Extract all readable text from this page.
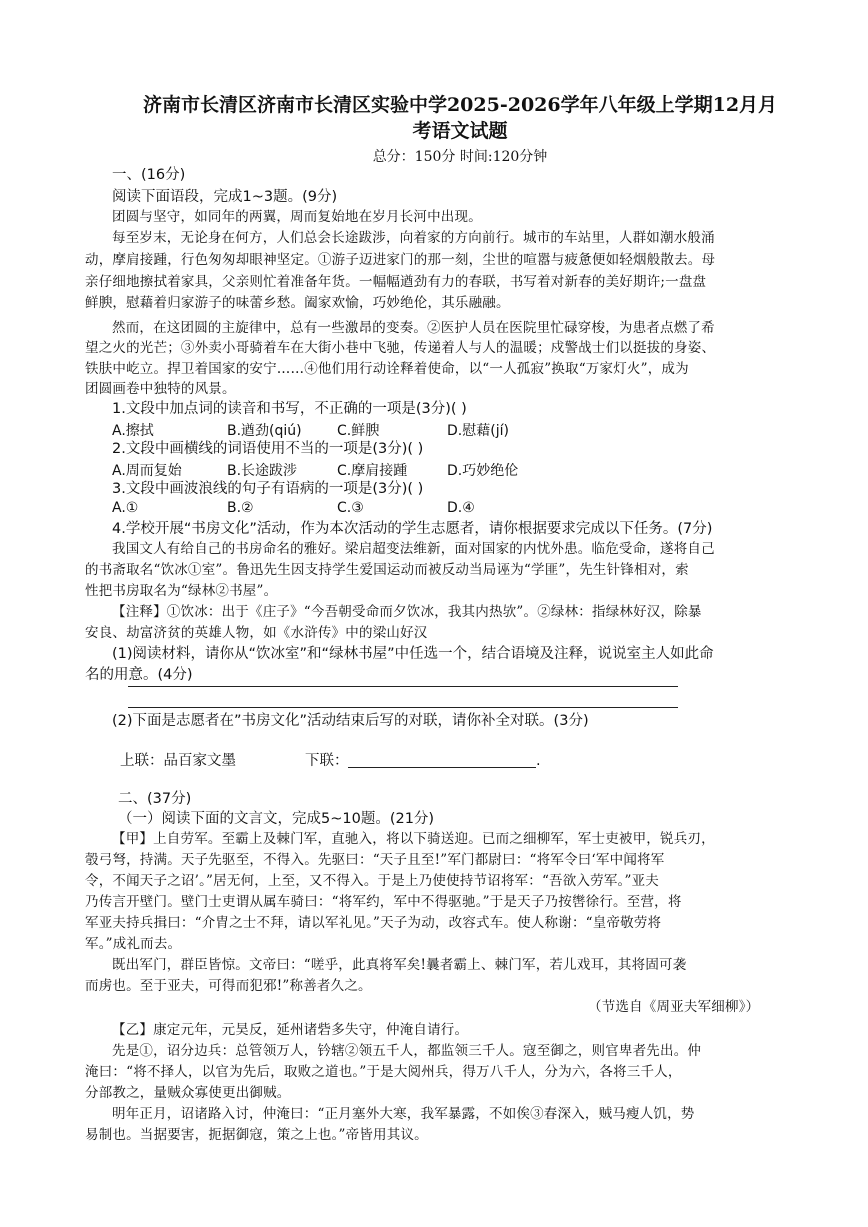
济南市长清区济南市长清区实验中学2025-2026学年八年级上学期12月月
考语文试题
总分：150分 时间:120分钟
一、(16分)
阅读下面语段，完成1~3题。(9分)
团圆与坚守，如同年的两翼，周而复始地在岁月长河中出现。
每至岁末，无论身在何方，人们总会长途跋涉，向着家的方向前行。城市的车站里，人群如潮水般涌
动，摩肩接踵，行色匆匆却眼神坚定。①游子迈进家门的那一刻，尘世的喧嚣与疲惫便如轻烟般散去。母
亲仔细地擦拭着家具，父亲则忙着准备年货。一幅幅遒劲有力的春联，书写着对新春的美好期许;一盘盘
鲜腴，慰藉着归家游子的味蕾乡愁。阖家欢愉，巧妙绝伦，其乐融融。
然而，在这团圆的主旋律中，总有一些激昂的变奏。②医护人员在医院里忙碌穿梭，为患者点燃了希
望之火的光芒；③外卖小哥骑着车在大街小巷中飞驰，传递着人与人的温暖；戍警战士们以挺拔的身姿、
铁肤中屹立。捍卫着国家的安宁……④他们用行动诠释着使命，以“一人孤寂”换取“万家灯火”，成为
团圆画卷中独特的风景。
1.文段中加点词的读音和书写，不正确的一项是(3分)( )
A.擦拭	B.遒劲(qiú)	C.鲜腴	D.慰藉(jí)
2.文段中画横线的词语使用不当的一项是(3分)( )
A.周而复始	B.长途跋涉	C.摩肩接踵	D.巧妙绝伦
3.文段中画波浪线的句子有语病的一项是(3分)( )
A.①	B.②	C.③	D.④
4.学校开展“书房文化”活动，作为本次活动的学生志愿者，请你根据要求完成以下任务。(7分)
我国文人有给自己的书房命名的雅好。梁启超变法维新，面对国家的内忧外患。临危受命，遂将自己
的书斋取名“饮冰①室”。鲁迅先生因支持学生爱国运动而被反动当局诬为“学匪”，先生针锋相对，索
性把书房取名为“绿林②书屋”。
【注释】①饮冰：出于《庄子》“今吾朝受命而夕饮冰，我其内热欤”。②绿林：指绿林好汉，除暴
安良、劫富济贫的英雄人物，如《水浒传》中的梁山好汉
(1)阅读材料，请你从“饮冰室”和“绿林书屋”中任选一个，结合语境及注释，说说室主人如此命
名的用意。(4分)
(2)下面是志愿者在”书房文化”活动结束后写的对联，请你补全对联。(3分)
上联：品百家文墨	下联：	.
二、(37分)
（一）阅读下面的文言文，完成5~10题。(21分)
【甲】上自劳军。至霸上及棘门军，直驰入，将以下骑送迎。已而之细柳军，军士吏被甲，锐兵刃，
彀弓弩，持满。天子先驱至，不得入。先驱曰：“天子且至!”军门都尉曰：“将军令曰‘军中闻将军
令，不闻天子之诏’。”居无何，上至，又不得入。于是上乃使使持节诏将军：“吾欲入劳军。”亚夫
乃传言开壁门。壁门士吏谓从属车骑曰：“将军约，军中不得驱驰。”于是天子乃按辔徐行。至营，将
军亚夫持兵揖曰：“介胄之士不拜，请以军礼见。”天子为动，改容式车。使人称谢：“皇帝敬劳将
军。”成礼而去。
既出军门，群臣皆惊。文帝曰：“嗟乎，此真将军矣!曩者霸上、棘门军，若儿戏耳，其将固可袭
而虏也。至于亚夫，可得而犯邪!”称善者久之。
（节选自《周亚夫军细柳》）
【乙】康定元年，元昊反，延州诸砦多失守，仲淹自请行。
先是①，诏分边兵：总管领万人，钤辖②领五千人，都监领三千人。寇至御之，则官卑者先出。仲
淹曰：“将不择人，以官为先后，取败之道也。”于是大阅州兵，得万八千人，分为六，各将三千人，
分部教之，量贼众寡使更出御贼。
明年正月，诏诸路入讨，仲淹曰：“正月塞外大寒，我军暴露，不如俟③春深入，贼马瘦人饥，势
易制也。当据要害，扼据御寇，策之上也。”帝皆用其议。
